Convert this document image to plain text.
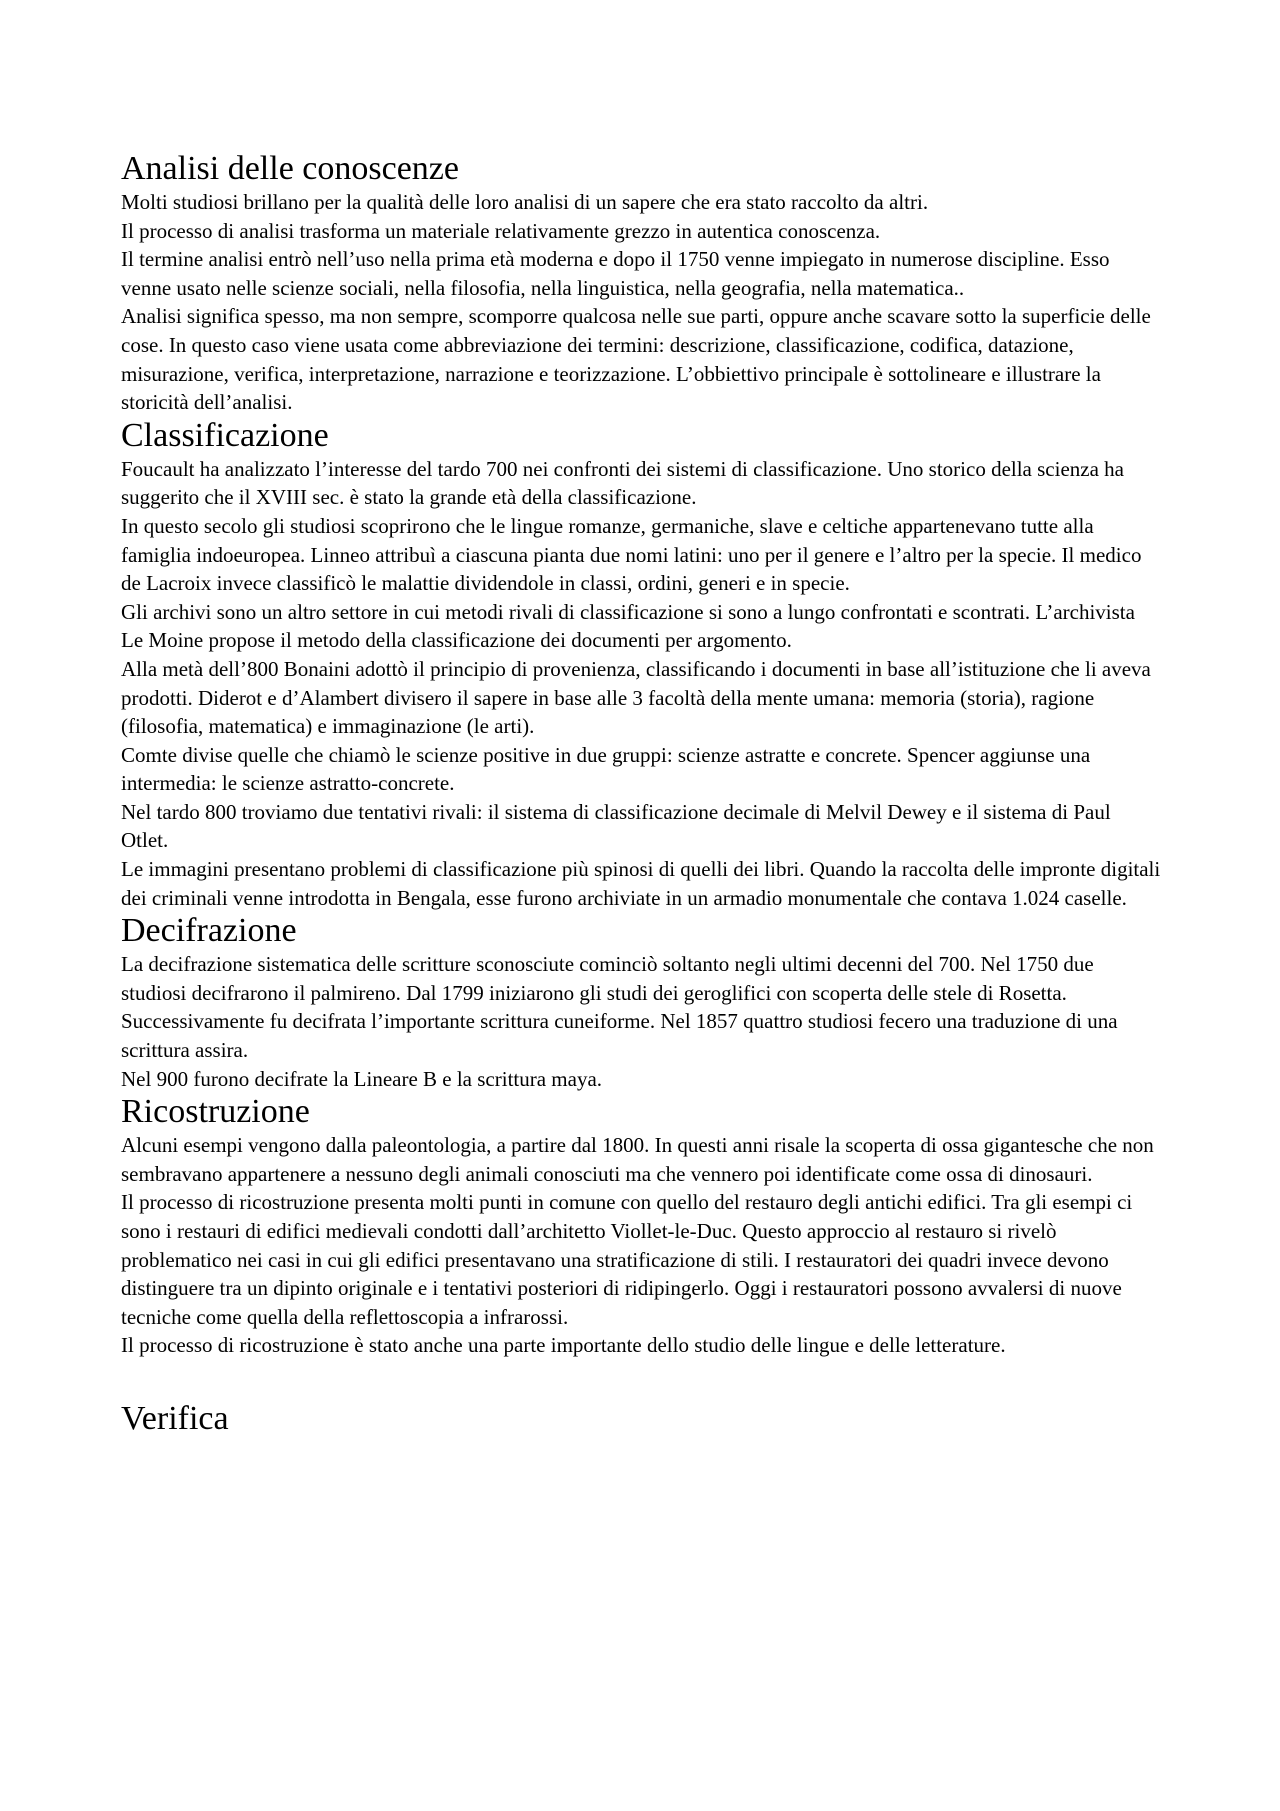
Analisi delle conoscenze

Molti studiosi brillano per la qualità delle loro analisi di un sapere che era stato raccolto da altri.

Il processo di analisi trasforma un materiale relativamente grezzo in autentica conoscenza.

Il termine analisi entrò nell’uso nella prima età moderna e dopo il 1750 venne impiegato in numerose discipline. Esso venne usato nelle scienze sociali, nella filosofia, nella linguistica, nella geografia, nella matematica..

Analisi significa spesso, ma non sempre, scomporre qualcosa nelle sue parti, oppure anche scavare sotto la superficie delle cose. In questo caso viene usata come abbreviazione dei termini: descrizione, classificazione, codifica, datazione, misurazione, verifica, interpretazione, narrazione e teorizzazione. L’obbiettivo principale è sottolineare e illustrare la storicità dell’analisi.

Classificazione

Foucault ha analizzato l’interesse del tardo 700 nei confronti dei sistemi di classificazione. Uno storico della scienza ha suggerito che il XVIII sec. è stato la grande età della classificazione.

In questo secolo gli studiosi scoprirono che le lingue romanze, germaniche, slave e celtiche appartenevano tutte alla famiglia indoeuropea. Linneo attribuì a ciascuna pianta due nomi latini: uno per il genere e l’altro per la specie. Il medico de Lacroix invece classificò le malattie dividendole in classi, ordini, generi e in specie.

Gli archivi sono un altro settore in cui metodi rivali di classificazione si sono a lungo confrontati e scontrati. L’archivista Le Moine propose il metodo della classificazione dei documenti per argomento.

Alla metà dell’800 Bonaini adottò il principio di provenienza, classificando i documenti in base all’istituzione che li aveva prodotti. Diderot e d’Alambert divisero il sapere in base alle 3 facoltà della mente umana: memoria (storia), ragione (filosofia, matematica) e immaginazione (le arti).

Comte divise quelle che chiamò le scienze positive in due gruppi: scienze astratte e concrete. Spencer aggiunse una intermedia: le scienze astratto-concrete.

Nel tardo 800 troviamo due tentativi rivali: il sistema di classificazione decimale di Melvil Dewey e il sistema di Paul Otlet.

Le immagini presentano problemi di classificazione più spinosi di quelli dei libri. Quando la raccolta delle impronte digitali dei criminali venne introdotta in Bengala, esse furono archiviate in un armadio monumentale che contava 1.024 caselle.

Decifrazione

La decifrazione sistematica delle scritture sconosciute cominciò soltanto negli ultimi decenni del 700. Nel 1750 due studiosi decifrarono il palmireno. Dal 1799 iniziarono gli studi dei geroglifici con scoperta delle stele di Rosetta. Successivamente fu decifrata l’importante scrittura cuneiforme. Nel 1857 quattro studiosi fecero una traduzione di una scrittura assira.

Nel 900 furono decifrate la Lineare B e la scrittura maya.

Ricostruzione

Alcuni esempi vengono dalla paleontologia, a partire dal 1800. In questi anni risale la scoperta di ossa gigantesche che non sembravano appartenere a nessuno degli animali conosciuti ma che vennero poi identificate come ossa di dinosauri.

Il processo di ricostruzione presenta molti punti in comune con quello del restauro degli antichi edifici. Tra gli esempi ci sono i restauri di edifici medievali condotti dall’architetto Viollet-le-Duc. Questo approccio al restauro si rivelò problematico nei casi in cui gli edifici presentavano una stratificazione di stili. I restauratori dei quadri invece devono distinguere tra un dipinto originale e i tentativi posteriori di ridipingerlo. Oggi i restauratori possono avvalersi di nuove tecniche come quella della reflettoscopia a infrarossi.

Il processo di ricostruzione è stato anche una parte importante dello studio delle lingue e delle letterature.

Verifica
